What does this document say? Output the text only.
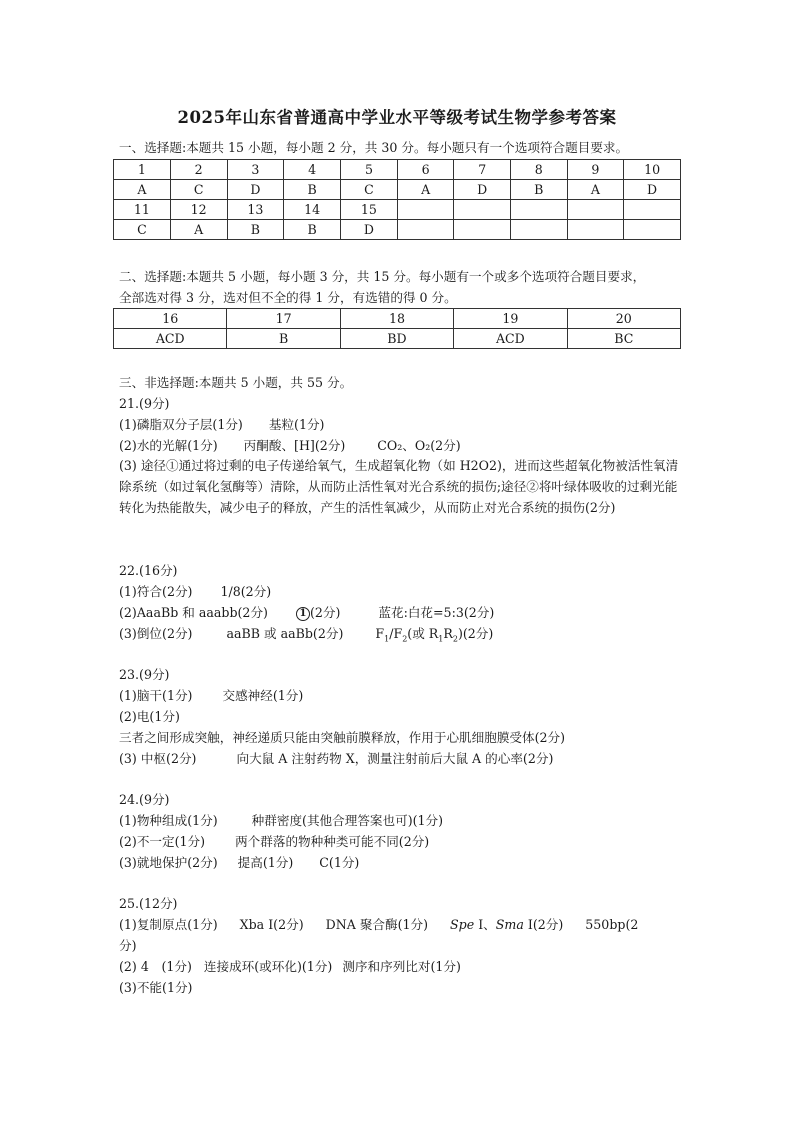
2025年山东省普通高中学业水平等级考试生物学参考答案
一、选择题:本题共 15 小题，每小题 2 分，共 30 分。每小题只有一个选项符合题目要求。
1	2	3	4	5	6	7	8	9	10
A	C	D	B	C	A	D	B	A	D
11	12	13	14	15					
C	A	B	B	D					
二、选择题:本题共 5 小题，每小题 3 分，共 15 分。每小题有一个或多个选项符合题目要求，
全部选对得 3 分，选对但不全的得 1 分，有选错的得 0 分。
16	17	18	19	20
ACD	B	BD	ACD	BC
三、非选择题:本题共 5 小题，共 55 分。
21.(9分)
(1)磷脂双分子层(1分) 基粒(1分)
(2)水的光解(1分) 丙酮酸、[H](2分)	CO₂、O₂(2分)
(3) 途径①通过将过剩的电子传递给氧气，生成超氧化物（如 H2O2)，进而这些超氧化物被活性氧清除系统（如过氧化氢酶等）清除，从而防止活性氧对光合系统的损伤;途径②将叶绿体吸收的过剩光能转化为热能散失，减少电子的释放，产生的活性氧减少，从而防止对光合系统的损伤(2分)
22.(16分)
(1)符合(2分) 1/8(2分)
(2)AaaBb 和 aaabb(2分)	1 (2分)	蓝花:白花=5:3(2分)
(3)倒位(2分)	aaBB 或 aaBb(2分)	$F_1/F_2$(或 $R_1R_2)(2$分)
23.(9分)
(1)脑干(1分) 交感神经(1分)
(2)电(1分)
三者之间形成突触，神经递质只能由突触前膜释放，作用于心肌细胞膜受体(2分)
(3) 中枢(2分)	向大鼠 A 注射药物 X，测量注射前后大鼠 A 的心率(2分)
24.(9分)
(1)物种组成(1分)	种群密度(其他合理答案也可)(1分)
(2)不一定(1分) 两个群落的物种种类可能不同(2分)
(3)就地保护(2分) 提高(1分) C(1分)
25.(12分)
(1)复制原点(1分) Xba Ⅰ(2分) DNA 聚合酶(1分) Spe Ⅰ、Sma Ⅰ(2分) 550bp(2
分)
(2) 4　(1分) 连接成环(或环化)(1分) 测序和序列比对(1分)
(3)不能(1分)
